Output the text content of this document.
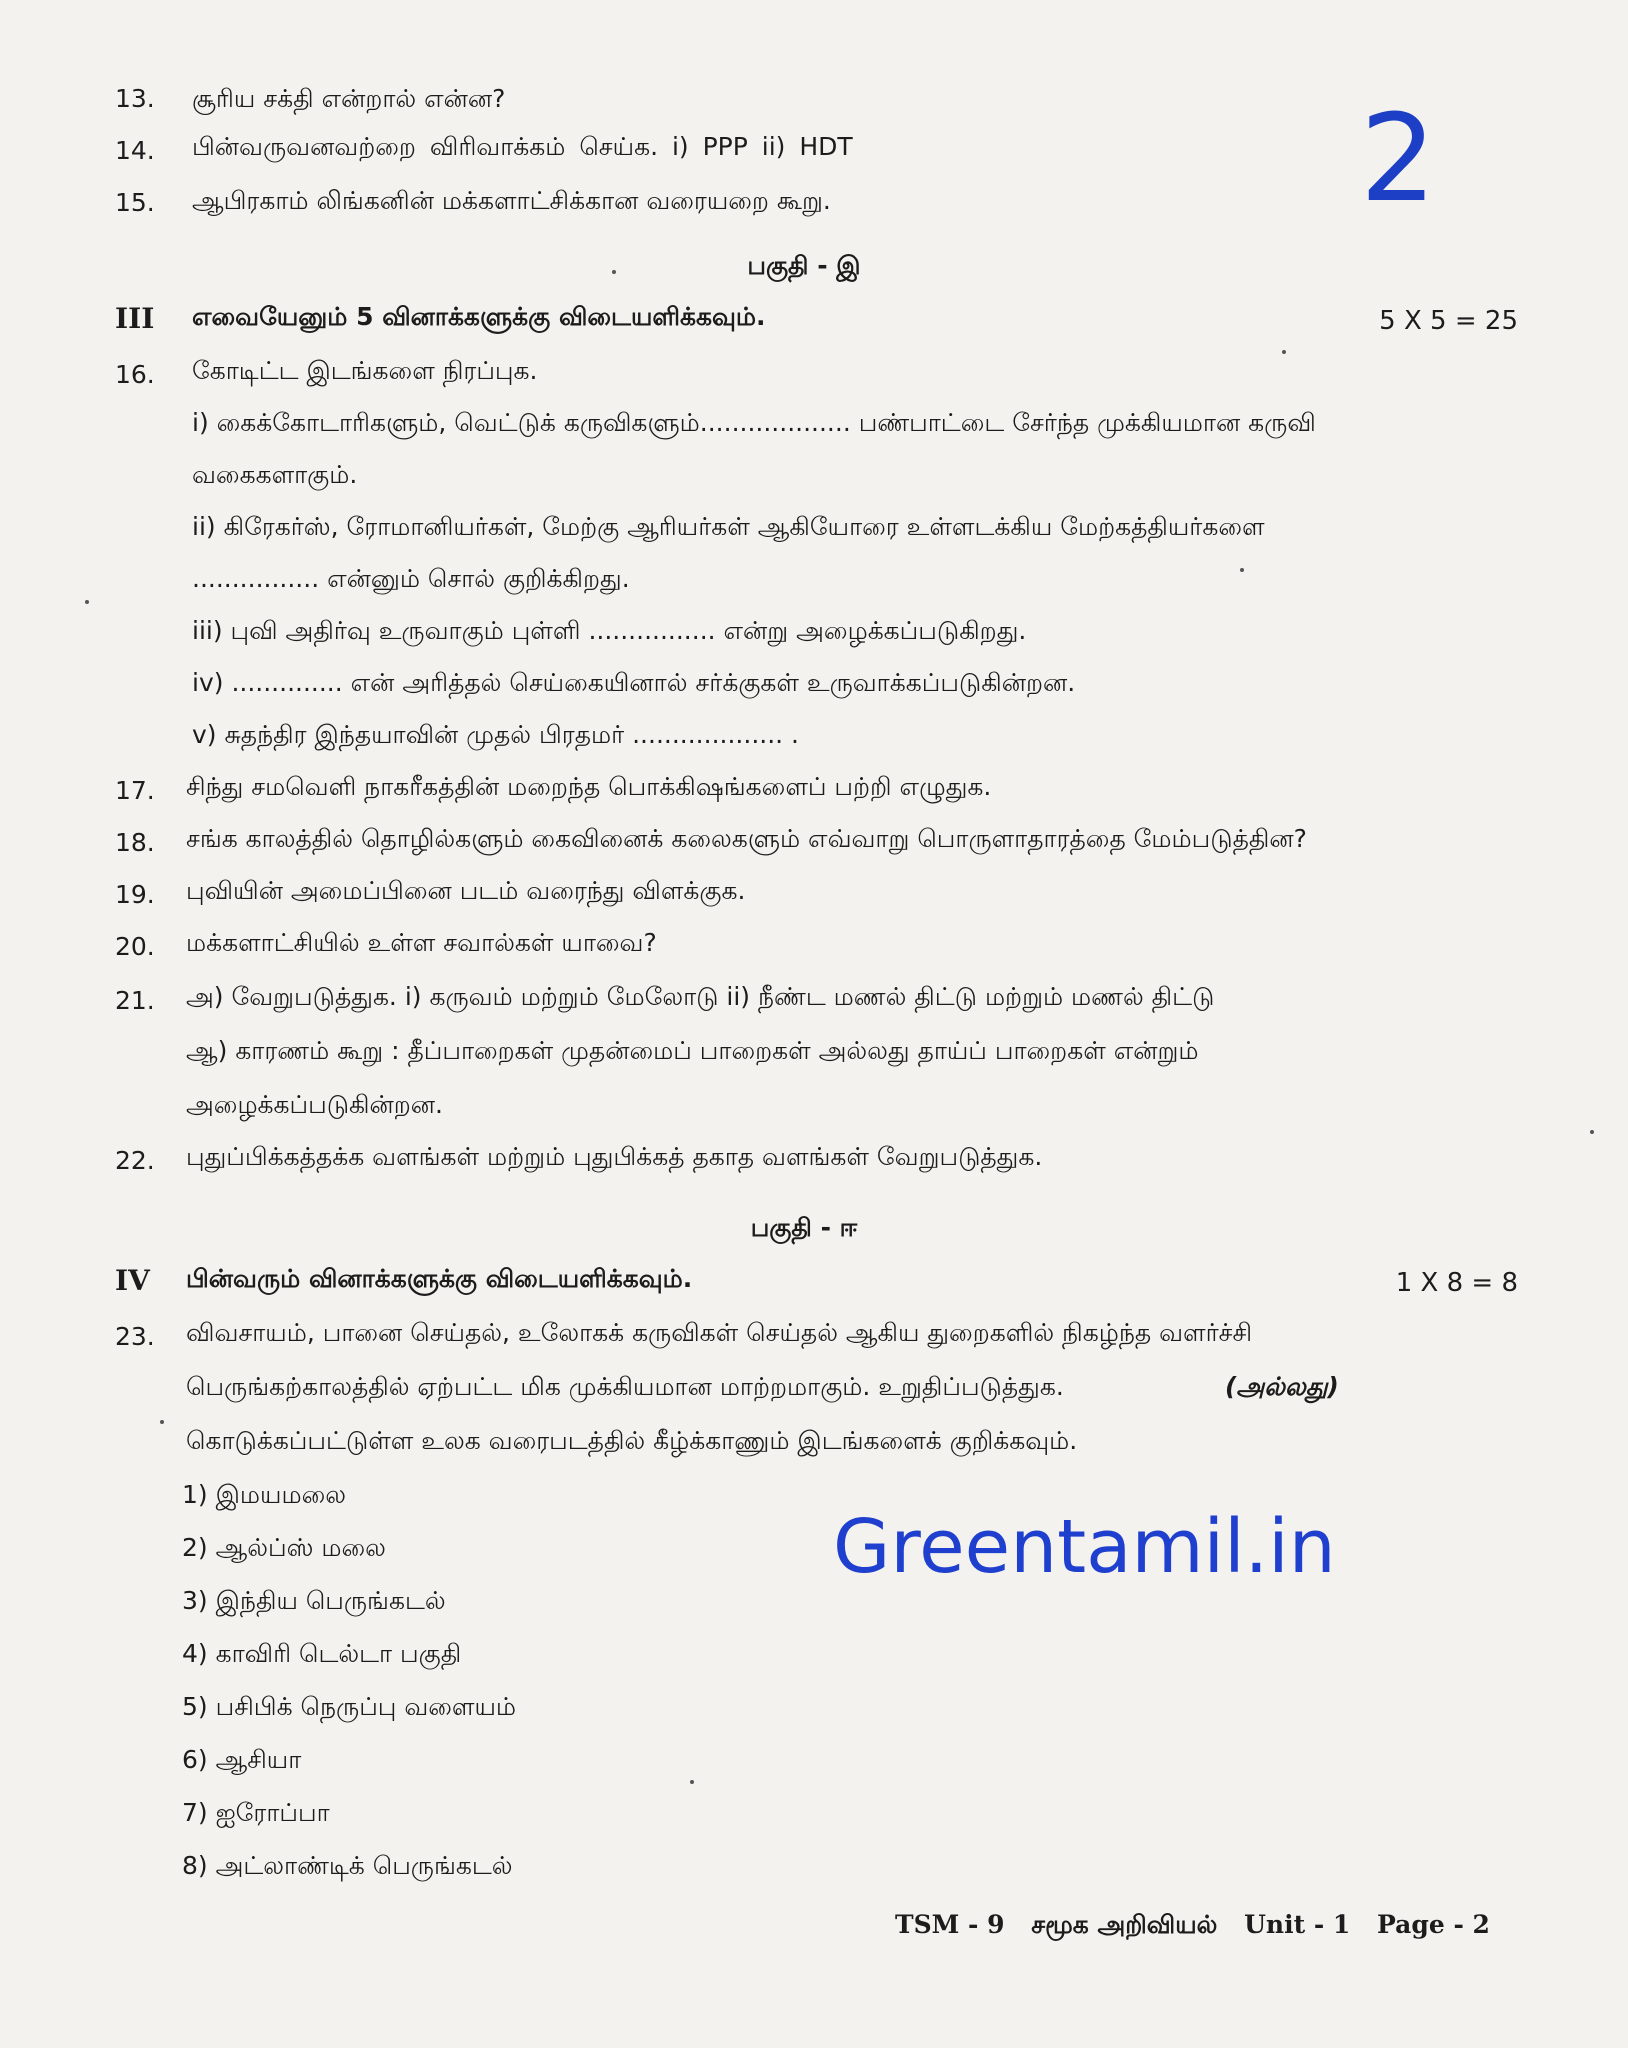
2
13. சூரிய சக்தி என்றால் என்ன?
14. பின்வருவனவற்றை விரிவாக்கம் செய்க. i) PPP ii) HDT
15. ஆபிரகாம் லிங்கனின் மக்களாட்சிக்கான வரையறை கூறு.
பகுதி - இ
III எவையேனும் 5 வினாக்களுக்கு விடையளிக்கவும்.	5 X 5 = 25
16. கோடிட்ட இடங்களை நிரப்புக.
i) கைக்கோடாரிகளும், வெட்டுக் கருவிகளும்................... பண்பாட்டை சேர்ந்த முக்கியமான கருவி
வகைகளாகும்.
ii) கிரேகர்ஸ், ரோமானியர்கள், மேற்கு ஆரியர்கள் ஆகியோரை உள்ளடக்கிய மேற்கத்தியர்களை
................ என்னும் சொல் குறிக்கிறது.
iii) புவி அதிர்வு உருவாகும் புள்ளி ................ என்று அழைக்கப்படுகிறது.
iv) .............. என் அரித்தல் செய்கையினால் சர்க்குகள் உருவாக்கப்படுகின்றன.
v) சுதந்திர இந்தயாவின் முதல் பிரதமர் ................... .
17. சிந்து சமவெளி நாகரீகத்தின் மறைந்த பொக்கிஷங்களைப் பற்றி எழுதுக.
18. சங்க காலத்தில் தொழில்களும் கைவினைக் கலைகளும் எவ்வாறு பொருளாதாரத்தை மேம்படுத்தின?
19. புவியின் அமைப்பினை படம் வரைந்து விளக்குக.
20. மக்களாட்சியில் உள்ள சவால்கள் யாவை?
21. அ) வேறுபடுத்துக. i) கருவம் மற்றும் மேலோடு ii) நீண்ட மணல் திட்டு மற்றும் மணல் திட்டு
ஆ) காரணம் கூறு : தீப்பாறைகள் முதன்மைப் பாறைகள் அல்லது தாய்ப் பாறைகள் என்றும்
அழைக்கப்படுகின்றன.
22. புதுப்பிக்கத்தக்க வளங்கள் மற்றும் புதுபிக்கத் தகாத வளங்கள் வேறுபடுத்துக.
பகுதி - ஈ
IV பின்வரும் வினாக்களுக்கு விடையளிக்கவும்.	1 X 8 = 8
23. விவசாயம், பானை செய்தல், உலோகக் கருவிகள் செய்தல் ஆகிய துறைகளில் நிகழ்ந்த வளர்ச்சி
பெருங்கற்காலத்தில் ஏற்பட்ட மிக முக்கியமான மாற்றமாகும். உறுதிப்படுத்துக.	(அல்லது)
கொடுக்கப்பட்டுள்ள உலக வரைபடத்தில் கீழ்க்காணும் இடங்களைக் குறிக்கவும்.
1) இமயமலை
2) ஆல்ப்ஸ் மலை
3) இந்திய பெருங்கடல்
4) காவிரி டெல்டா பகுதி
5) பசிபிக் நெருப்பு வளையம்
6) ஆசியா
7) ஐரோப்பா
8) அட்லாண்டிக் பெருங்கடல்
Greentamil.in
TSM - 9 சமூக அறிவியல் Unit - 1 Page - 2
